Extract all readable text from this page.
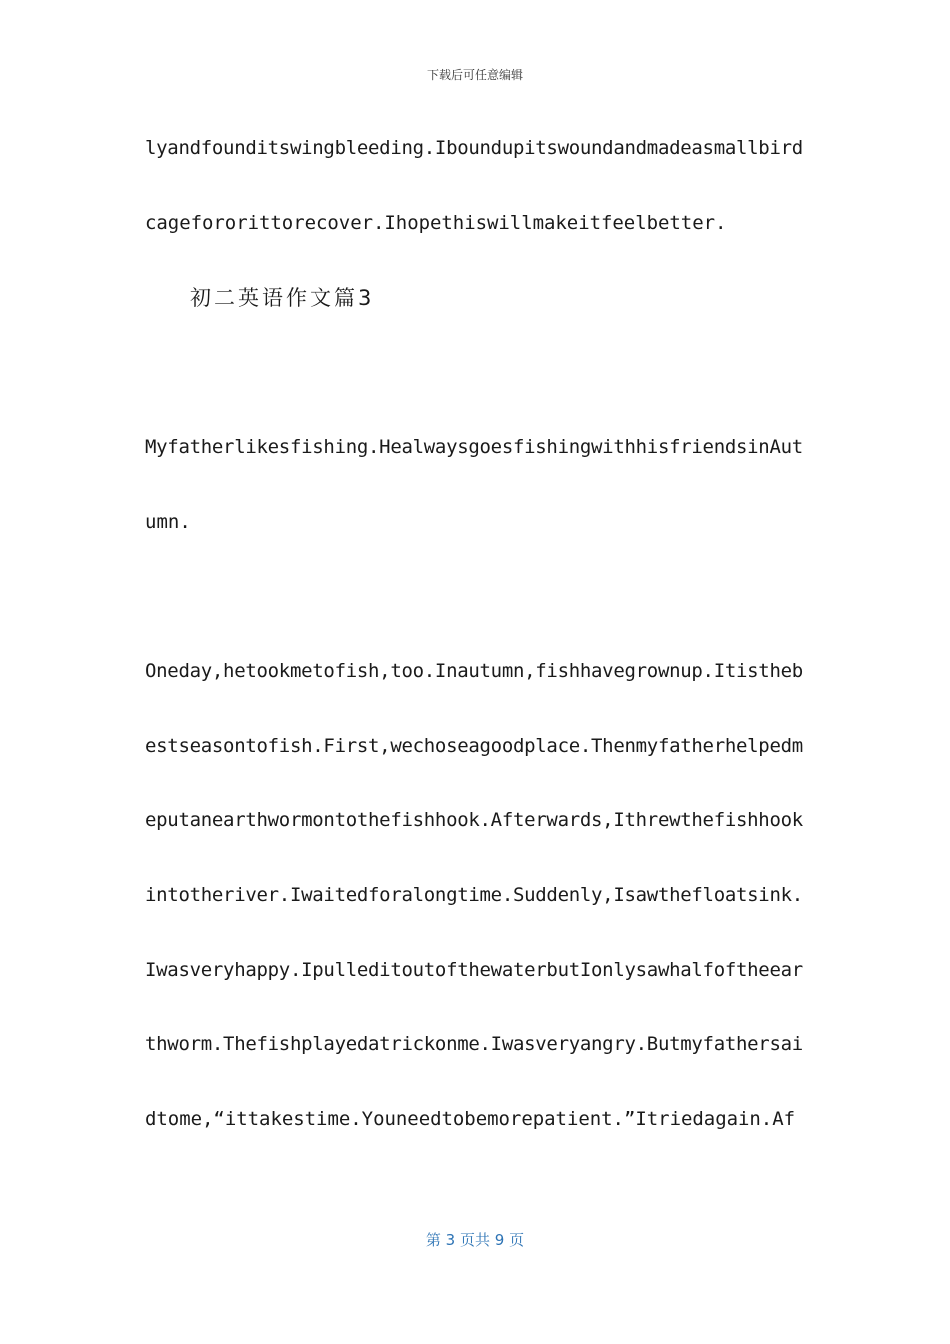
下载后可任意编辑
lyandfounditswingbleeding.Iboundupitswoundandmadeasmallbird
cagefororittorecover.Ihopethiswillmakeitfeelbetter.
初二英语作文篇3
Myfatherlikesfishing.HealwaysgoesfishingwithhisfriendsinAut
umn.
Oneday,hetookmetofish,too.Inautumn,fishhavegrownup.Itistheb
estseasontofish.First,wechoseagoodplace.Thenmyfatherhelpedm
eputanearthwormontothefishhook.Afterwards,Ithrewthefishhook
intotheriver.Iwaitedforalongtime.Suddenly,Isawthefloatsink.
Iwasveryhappy.IpulleditoutofthewaterbutIonlysawhalfoftheear
thworm.Thefishplayedatrickonme.Iwasveryangry.Butmyfathersai
dtome,“ittakestime.Youneedtobemorepatient.”Itriedagain.Af
第 3 页共 9 页
